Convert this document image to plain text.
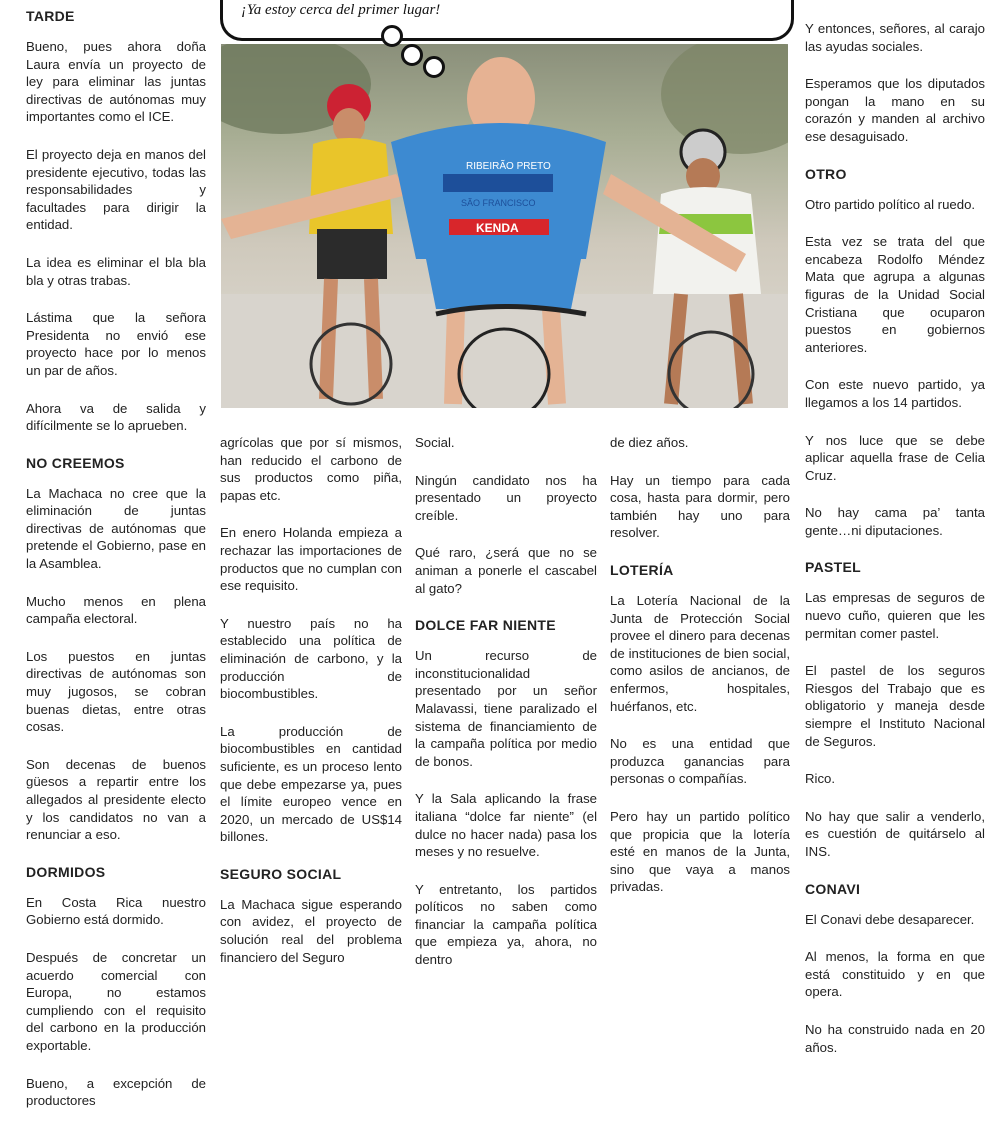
TARDE

Bueno, pues ahora doña Laura envía un proyecto de ley para eliminar las juntas directivas de autónomas muy importantes como el ICE.

El proyecto deja en manos del presidente ejecutivo, todas las responsabilidades y facultades para dirigir la entidad.

La idea es eliminar el bla bla bla y otras trabas.

Lástima que la señora Presidenta no envió ese proyecto hace por lo menos un par de años.

Ahora va de salida y difícilmente se lo aprueben.

NO CREEMOS

La Machaca no cree que la eliminación de juntas directivas de autónomas que pretende el Gobierno, pase en la Asamblea.

Mucho menos en plena campaña electoral.

Los puestos en juntas directivas de autónomas son muy jugosos, se cobran buenas dietas, entre otras cosas.

Son decenas de buenos güesos a repartir entre los allegados al presidente electo y los candidatos no van a renunciar a eso.

DORMIDOS

En Costa Rica nuestro Gobierno está dormido.

Después de concretar un acuerdo comercial con Europa, no estamos cumpliendo con el requisito del carbono en la producción exportable.

Bueno, a excepción de productores

¡Ya estoy cerca del primer lugar!
RIBEIRÃO PRETO
SÃO FRANCISCO
KENDA

agrícolas que por sí mismos, han reducido el carbono de sus productos como piña, papas etc.

En enero Holanda empieza a rechazar las importaciones de productos que no cumplan con ese requisito.

Y nuestro país no ha establecido una política de eliminación de carbono, y la producción de biocombustibles.

La producción de biocombustibles en cantidad suficiente, es un proceso lento que debe empezarse ya, pues el límite europeo vence en 2020, un mercado de US$14 billones.

SEGURO SOCIAL

La Machaca sigue esperando con avidez, el proyecto de solución real del problema financiero del Seguro

Social.

Ningún candidato nos ha presentado un proyecto creíble.

Qué raro, ¿será que no se animan a ponerle el cascabel al gato?

DOLCE FAR NIENTE

Un recurso de inconstitucionalidad presentado por un señor Malavassi, tiene paralizado el sistema de financiamiento de la campaña política por medio de bonos.

Y la Sala aplicando la frase italiana “dolce far niente” (el dulce no hacer nada) pasa los meses y no resuelve.

Y entretanto, los partidos políticos no saben como financiar la campaña política que empieza ya, ahora, no dentro

de diez años.

Hay un tiempo para cada cosa, hasta para dormir, pero también hay uno para resolver.

LOTERÍA

La Lotería Nacional de la Junta de Protección Social provee el dinero para decenas de instituciones de bien social, como asilos de ancianos, de enfermos, hospitales, huérfanos, etc.

No es una entidad que produzca ganancias para personas o compañías.

Pero hay un partido político que propicia que la lotería esté en manos de la Junta, sino que vaya a manos privadas.

Y entonces, señores, al carajo las ayudas sociales.

Esperamos que los diputados pongan la mano en su corazón y manden al archivo ese desaguisado.

OTRO

Otro partido político al ruedo.

Esta vez se trata del que encabeza Rodolfo Méndez Mata que agrupa a algunas figuras de la Unidad Social Cristiana que ocuparon puestos en gobiernos anteriores.

Con este nuevo partido, ya llegamos a los 14 partidos.

Y nos luce que se debe aplicar aquella frase de Celia Cruz.

No hay cama pa’ tanta gente…ni diputaciones.

PASTEL

Las empresas de seguros de nuevo cuño, quieren que les permitan comer pastel.

El pastel de los seguros Riesgos del Trabajo que es obligatorio y maneja desde siempre el Instituto Nacional de Seguros.

Rico.

No hay que salir a venderlo, es cuestión de quitárselo al INS.

CONAVI

El Conavi debe desaparecer.

Al menos, la forma en que está constituido y en que opera.

No ha construido nada en 20 años.
